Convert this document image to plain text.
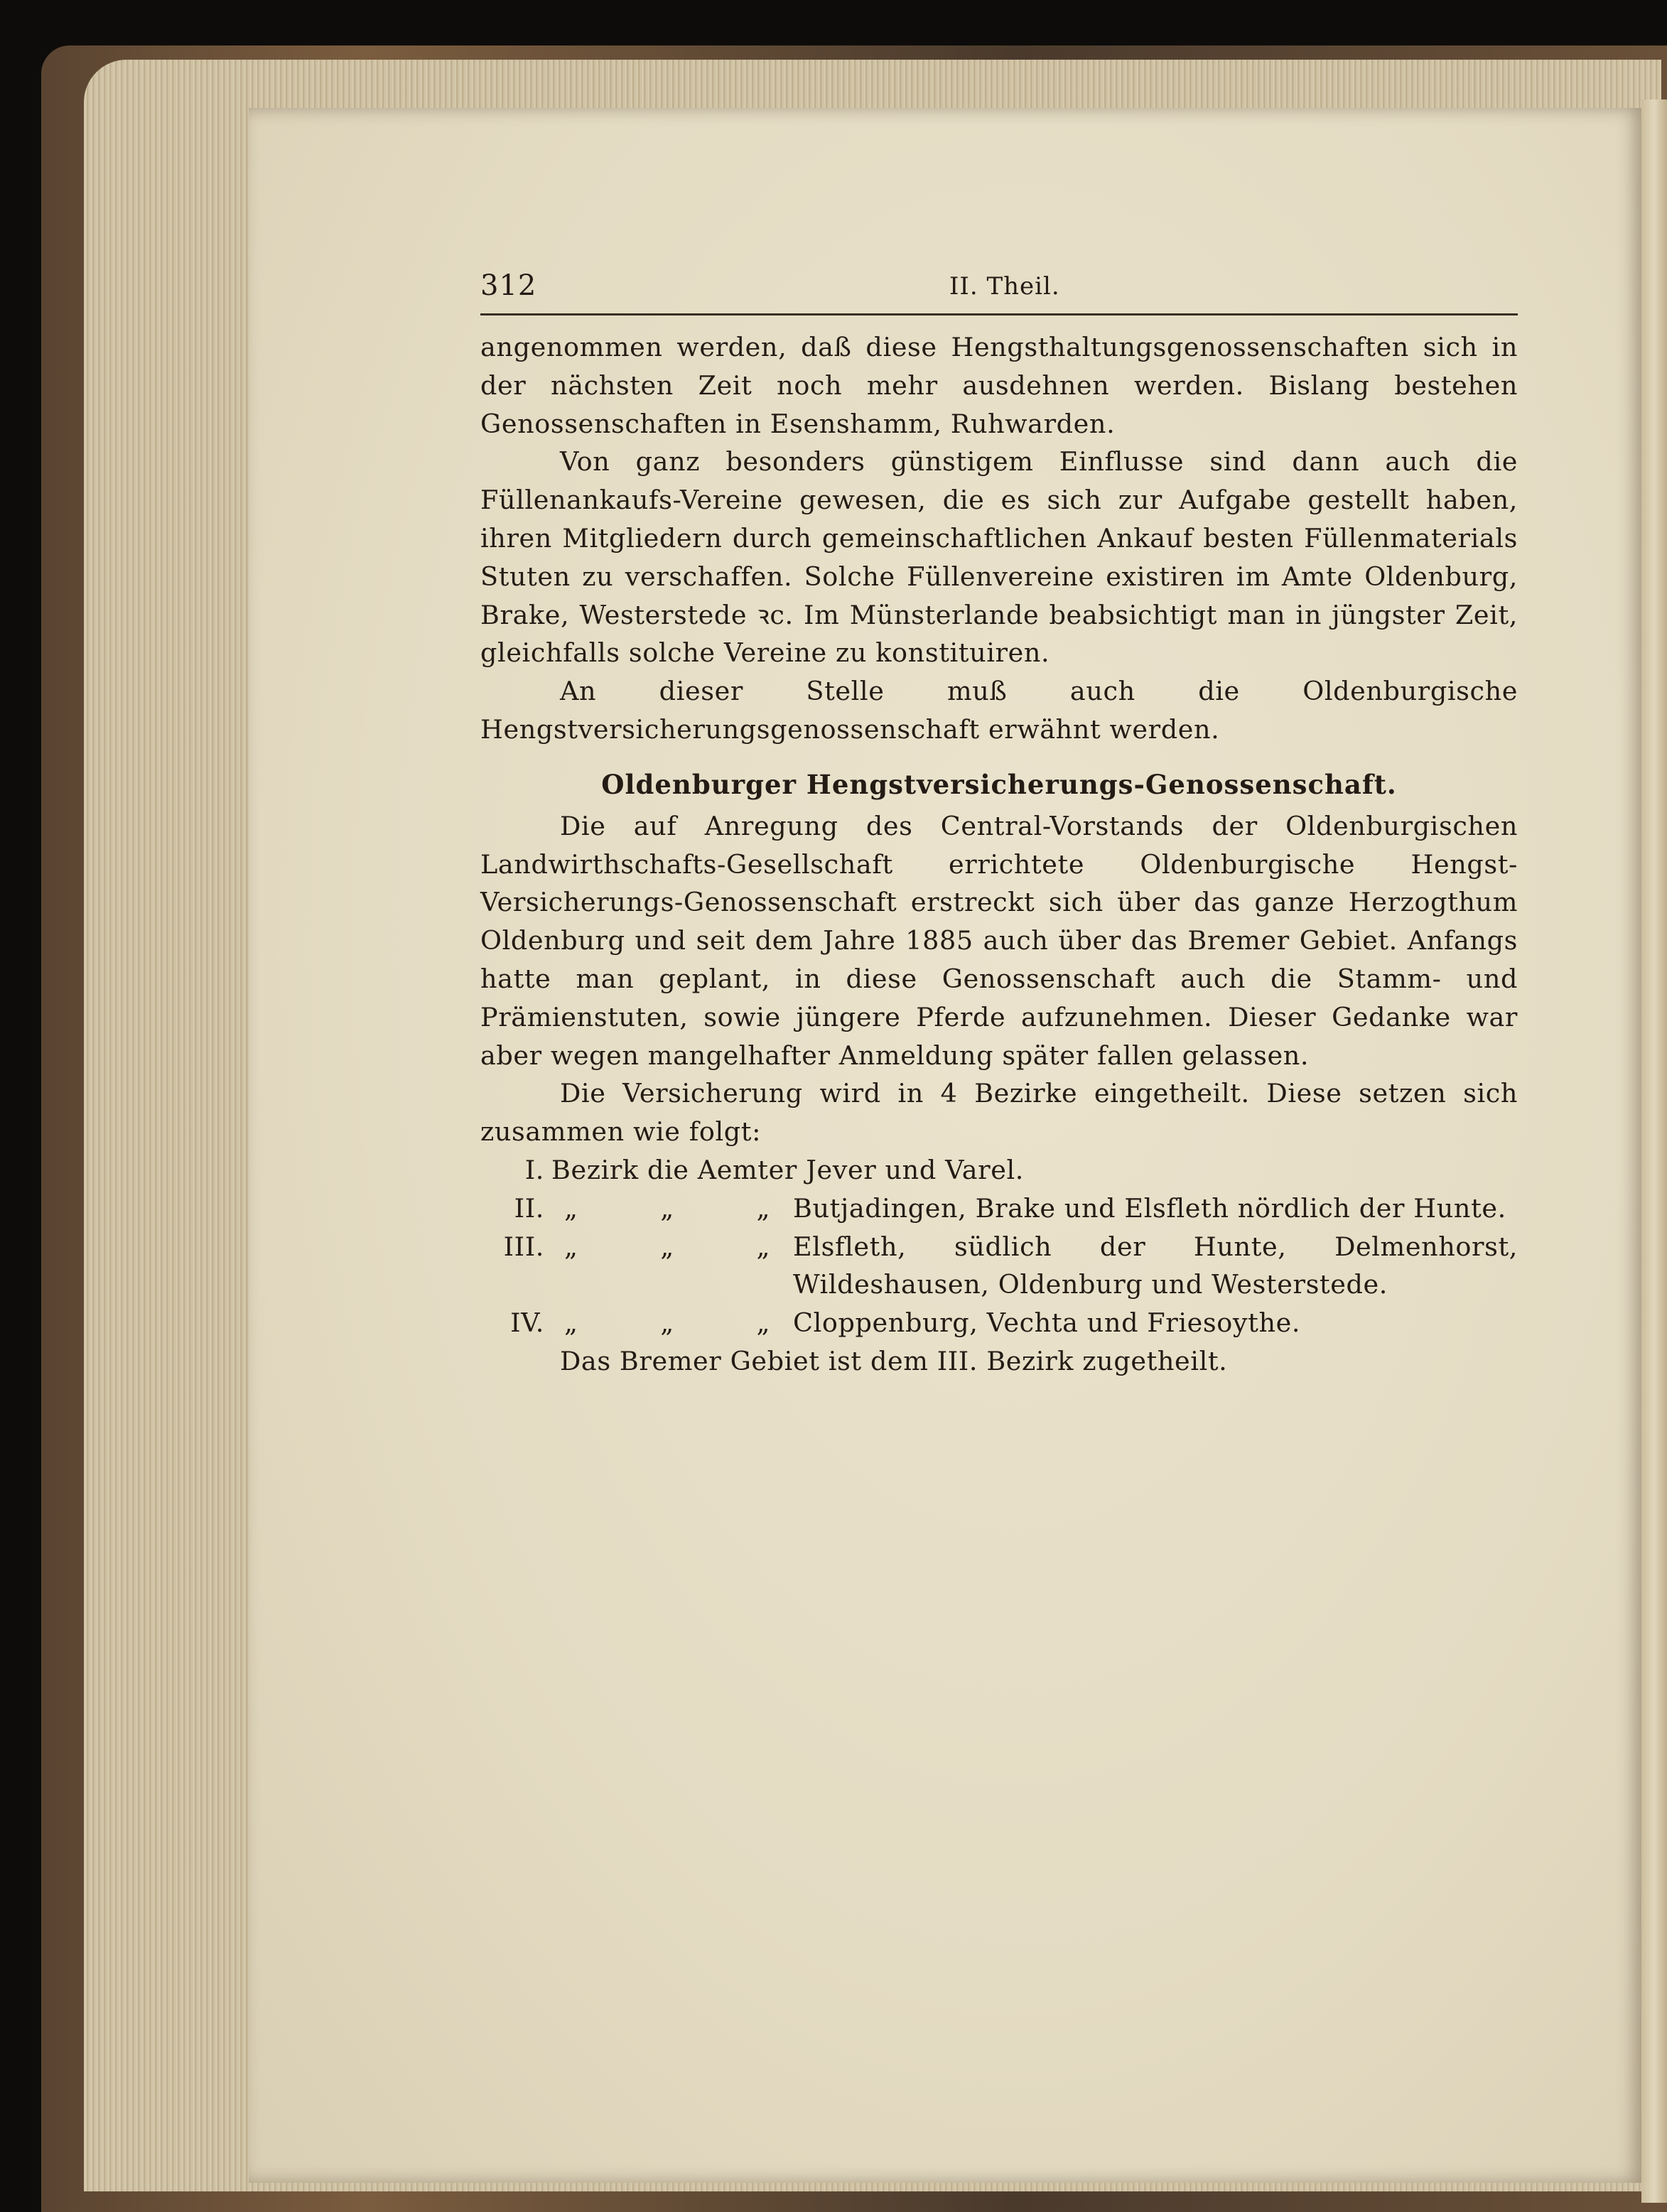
312	II. Theil.

angenommen werden, daß diese Hengsthaltungsgenossenschaften sich in der nächsten Zeit noch mehr ausdehnen werden. Bislang bestehen Genossenschaften in Esenshamm, Ruhwarden.

Von ganz besonders günstigem Einflusse sind dann auch die Füllenankaufs-Vereine gewesen, die es sich zur Aufgabe gestellt haben, ihren Mitgliedern durch gemeinschaftlichen Ankauf besten Füllenmaterials Stuten zu verschaffen. Solche Füllenvereine existiren im Amte Oldenburg, Brake, Westerstede ꝛc. Im Münsterlande beabsichtigt man in jüngster Zeit, gleichfalls solche Vereine zu konstituiren.

An dieser Stelle muß auch die Oldenburgische Hengstversicherungsgenossenschaft erwähnt werden.

Oldenburger Hengstversicherungs-Genossenschaft.

Die auf Anregung des Central-Vorstands der Oldenburgischen Landwirthschafts-Gesellschaft errichtete Oldenburgische Hengst-Versicherungs-Genossenschaft erstreckt sich über das ganze Herzogthum Oldenburg und seit dem Jahre 1885 auch über das Bremer Gebiet. Anfangs hatte man geplant, in diese Genossenschaft auch die Stamm- und Prämienstuten, sowie jüngere Pferde aufzunehmen. Dieser Gedanke war aber wegen mangelhafter Anmeldung später fallen gelassen.

Die Versicherung wird in 4 Bezirke eingetheilt. Diese setzen sich zusammen wie folgt:

I. Bezirk die Aemter Jever und Varel.
II. „	„	„ Butjadingen, Brake und Elsfleth nördlich der Hunte.
III. „	„	„ Elsfleth, südlich der Hunte, Delmenhorst, Wildeshausen, Oldenburg und Westerstede.
IV. „	„	„ Cloppenburg, Vechta und Friesoythe.

Das Bremer Gebiet ist dem III. Bezirk zugetheilt.
